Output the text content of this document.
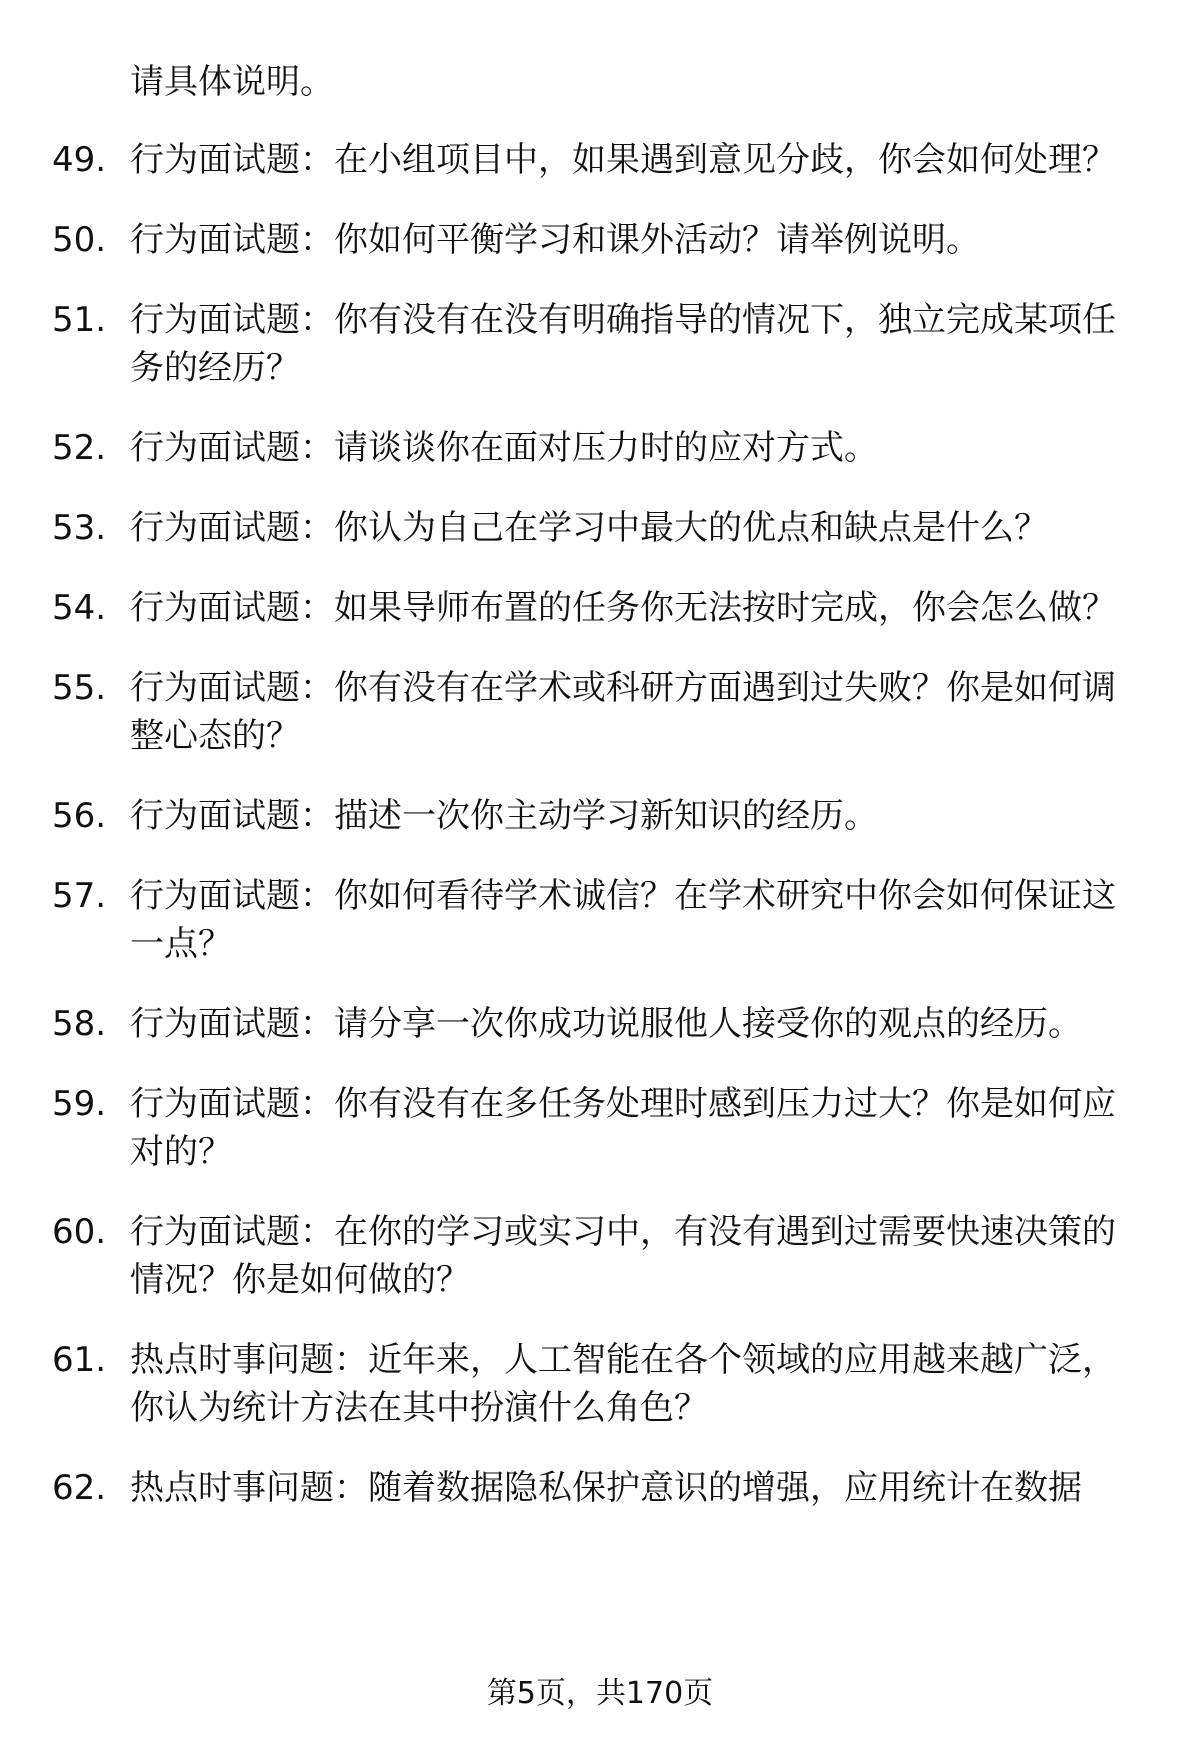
请具体说明。

49. 行为面试题：在小组项目中，如果遇到意见分歧，你会如何处理？
50. 行为面试题：你如何平衡学习和课外活动？请举例说明。
51. 行为面试题：你有没有在没有明确指导的情况下，独立完成某项任务的经历？
52. 行为面试题：请谈谈你在面对压力时的应对方式。
53. 行为面试题：你认为自己在学习中最大的优点和缺点是什么？
54. 行为面试题：如果导师布置的任务你无法按时完成，你会怎么做？
55. 行为面试题：你有没有在学术或科研方面遇到过失败？你是如何调整心态的？
56. 行为面试题：描述一次你主动学习新知识的经历。
57. 行为面试题：你如何看待学术诚信？在学术研究中你会如何保证这一点？
58. 行为面试题：请分享一次你成功说服他人接受你的观点的经历。
59. 行为面试题：你有没有在多任务处理时感到压力过大？你是如何应对的？
60. 行为面试题：在你的学习或实习中，有没有遇到过需要快速决策的情况？你是如何做的？
61. 热点时事问题：近年来，人工智能在各个领域的应用越来越广泛，你认为统计方法在其中扮演什么角色？
62. 热点时事问题：随着数据隐私保护意识的增强，应用统计在数据
第5页，共170页
